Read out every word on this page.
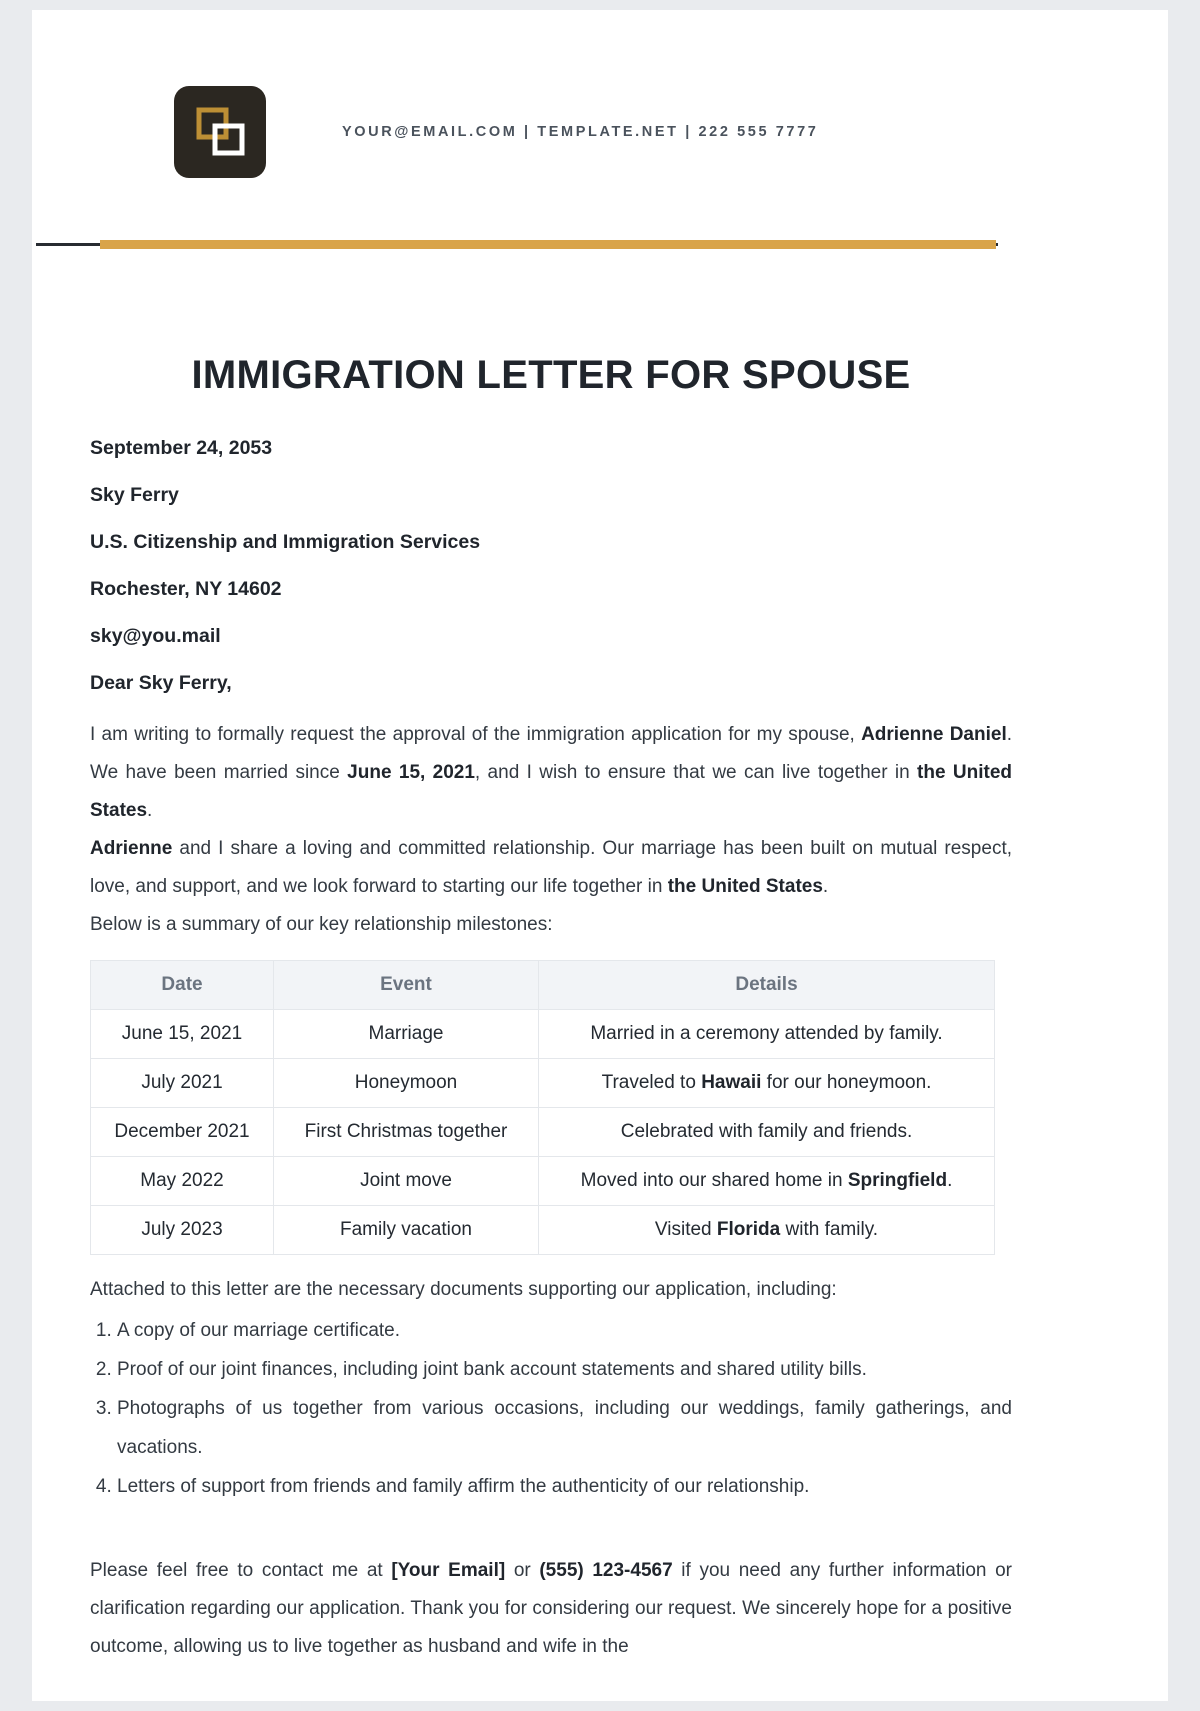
YOUR@EMAIL.COM | TEMPLATE.NET | 222 555 7777
IMMIGRATION LETTER FOR SPOUSE
September 24, 2053
Sky Ferry
U.S. Citizenship and Immigration Services
Rochester, NY 14602
sky@you.mail
Dear Sky Ferry,

I am writing to formally request the approval of the immigration application for my spouse, Adrienne Daniel. We have been married since June 15, 2021, and I wish to ensure that we can live together in the United States.

Adrienne and I share a loving and committed relationship. Our marriage has been built on mutual respect, love, and support, and we look forward to starting our life together in the United States.

Below is a summary of our key relationship milestones:

Date	Event	Details
June 15, 2021	Marriage	Married in a ceremony attended by family.
July 2021	Honeymoon	Traveled to Hawaii for our honeymoon.
December 2021	First Christmas together	Celebrated with family and friends.
May 2022	Joint move	Moved into our shared home in Springfield.
July 2023	Family vacation	Visited Florida with family.

Attached to this letter are the necessary documents supporting our application, including:

1. A copy of our marriage certificate.
2. Proof of our joint finances, including joint bank account statements and shared utility bills.
3. Photographs of us together from various occasions, including our weddings, family gatherings, and vacations.
4. Letters of support from friends and family affirm the authenticity of our relationship.

Please feel free to contact me at [Your Email] or (555) 123-4567 if you need any further information or clarification regarding our application. Thank you for considering our request. We sincerely hope for a positive outcome, allowing us to live together as husband and wife in the
